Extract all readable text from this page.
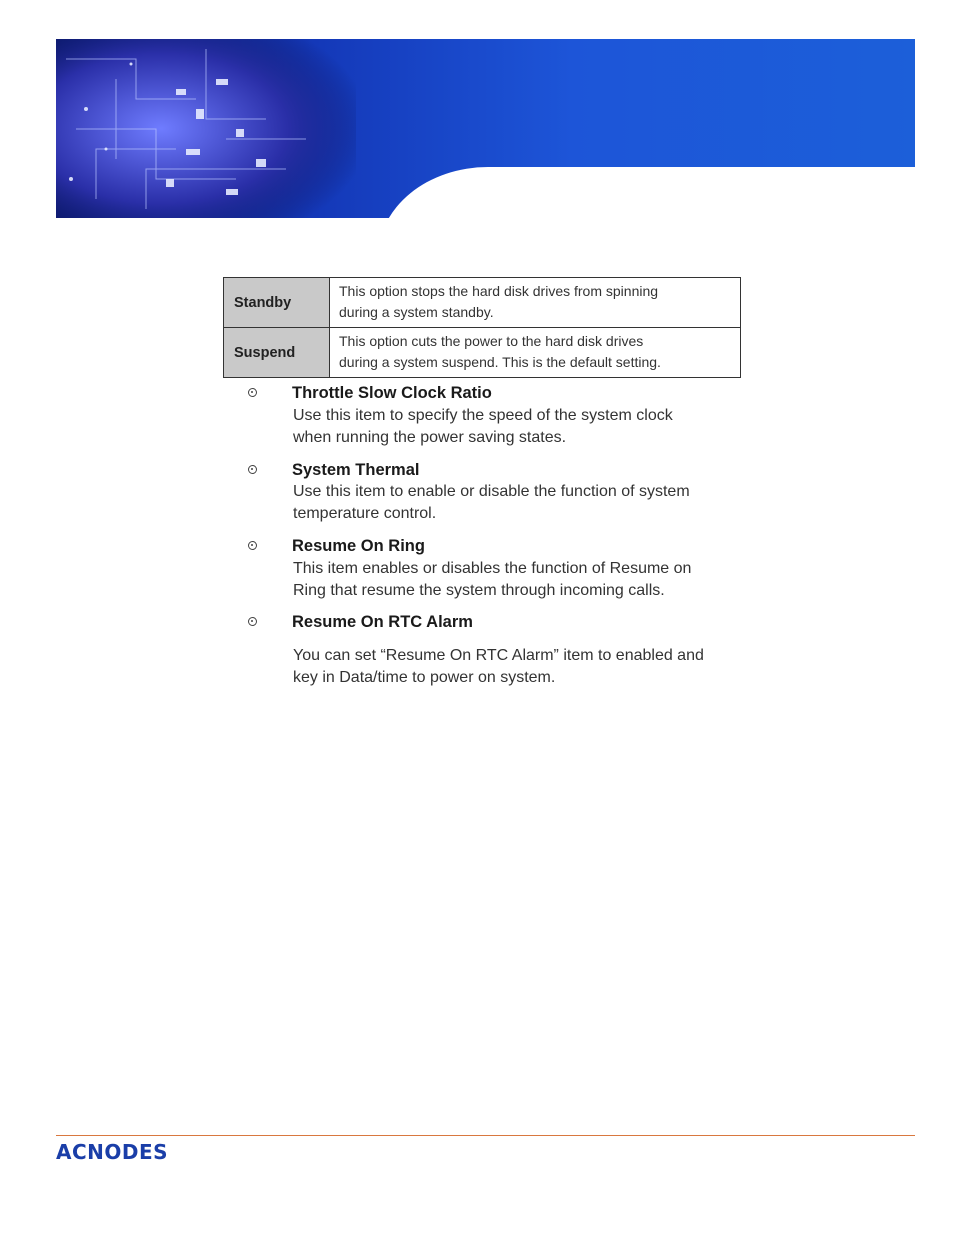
Standby	This option stops the hard disk drives from spinning
during a system standby.
Suspend	This option cuts the power to the hard disk drives
during a system suspend. This is the default setting.
Throttle Slow Clock Ratio
Use this item to specify the speed of the system clock
when running the power saving states.
System Thermal
Use this item to enable or disable the function of system
temperature control.
Resume On Ring
This item enables or disables the function of Resume on
Ring that resume the system through incoming calls.
Resume On RTC Alarm
You can set “Resume On RTC Alarm” item to enabled and
key in Data/time to power on system.
ACNODES
